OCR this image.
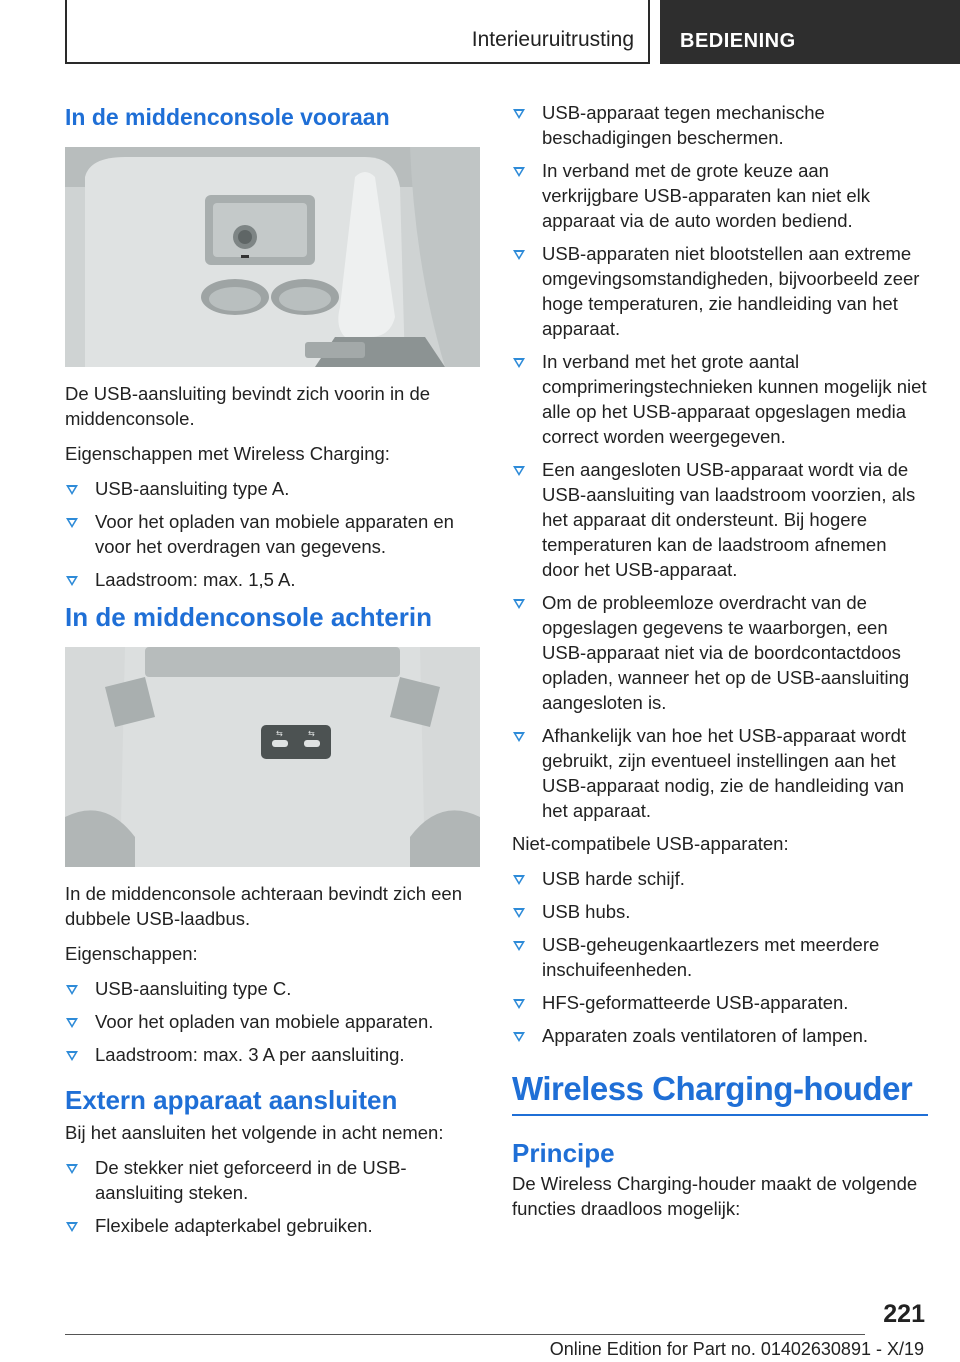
Interieuruitrusting BEDIENING
In de middenconsole vooraan

De USB-aansluiting bevindt zich voorin in de middenconsole.

Eigenschappen met Wireless Charging:

USB-aansluiting type A.
Voor het opladen van mobiele apparaten en voor het overdragen van gegevens.
Laadstroom: max. 1,5 A.
In de middenconsole achterin
⇆	⇆

In de middenconsole achteraan bevindt zich een dubbele USB-laadbus.

Eigenschappen:

USB-aansluiting type C.
Voor het opladen van mobiele apparaten.
Laadstroom: max. 3 A per aansluiting.
Extern apparaat aansluiten

Bij het aansluiten het volgende in acht nemen:

De stekker niet geforceerd in de USB-aansluiting steken.
Flexibele adapterkabel gebruiken.
USB-apparaat tegen mechanische beschadigingen beschermen.
In verband met de grote keuze aan verkrijgbare USB-apparaten kan niet elk apparaat via de auto worden bediend.
USB-apparaten niet blootstellen aan extreme omgevingsomstandigheden, bijvoorbeeld zeer hoge temperaturen, zie handleiding van het apparaat.
In verband met het grote aantal comprimeringstechnieken kunnen mogelijk niet alle op het USB-apparaat opgeslagen media correct worden weergegeven.
Een aangesloten USB-apparaat wordt via de USB-aansluiting van laadstroom voorzien, als het apparaat dit ondersteunt. Bij hogere temperaturen kan de laadstroom afnemen door het USB-apparaat.
Om de probleemloze overdracht van de opgeslagen gegevens te waarborgen, een USB-apparaat niet via de boordcontactdoos opladen, wanneer het op de USB-aansluiting aangesloten is.
Afhankelijk van hoe het USB-apparaat wordt gebruikt, zijn eventueel instellingen aan het USB-apparaat nodig, zie de handleiding van het apparaat.

Niet-compatibele USB-apparaten:

USB harde schijf.
USB hubs.
USB-geheugenkaartlezers met meerdere inschuifeenheden.
HFS-geformatteerde USB-apparaten.
Apparaten zoals ventilatoren of lampen.
Wireless Charging-houder
Principe

De Wireless Charging-houder maakt de volgende functies draadloos mogelijk:

221
Online Edition for Part no. 01402630891 - X/19
